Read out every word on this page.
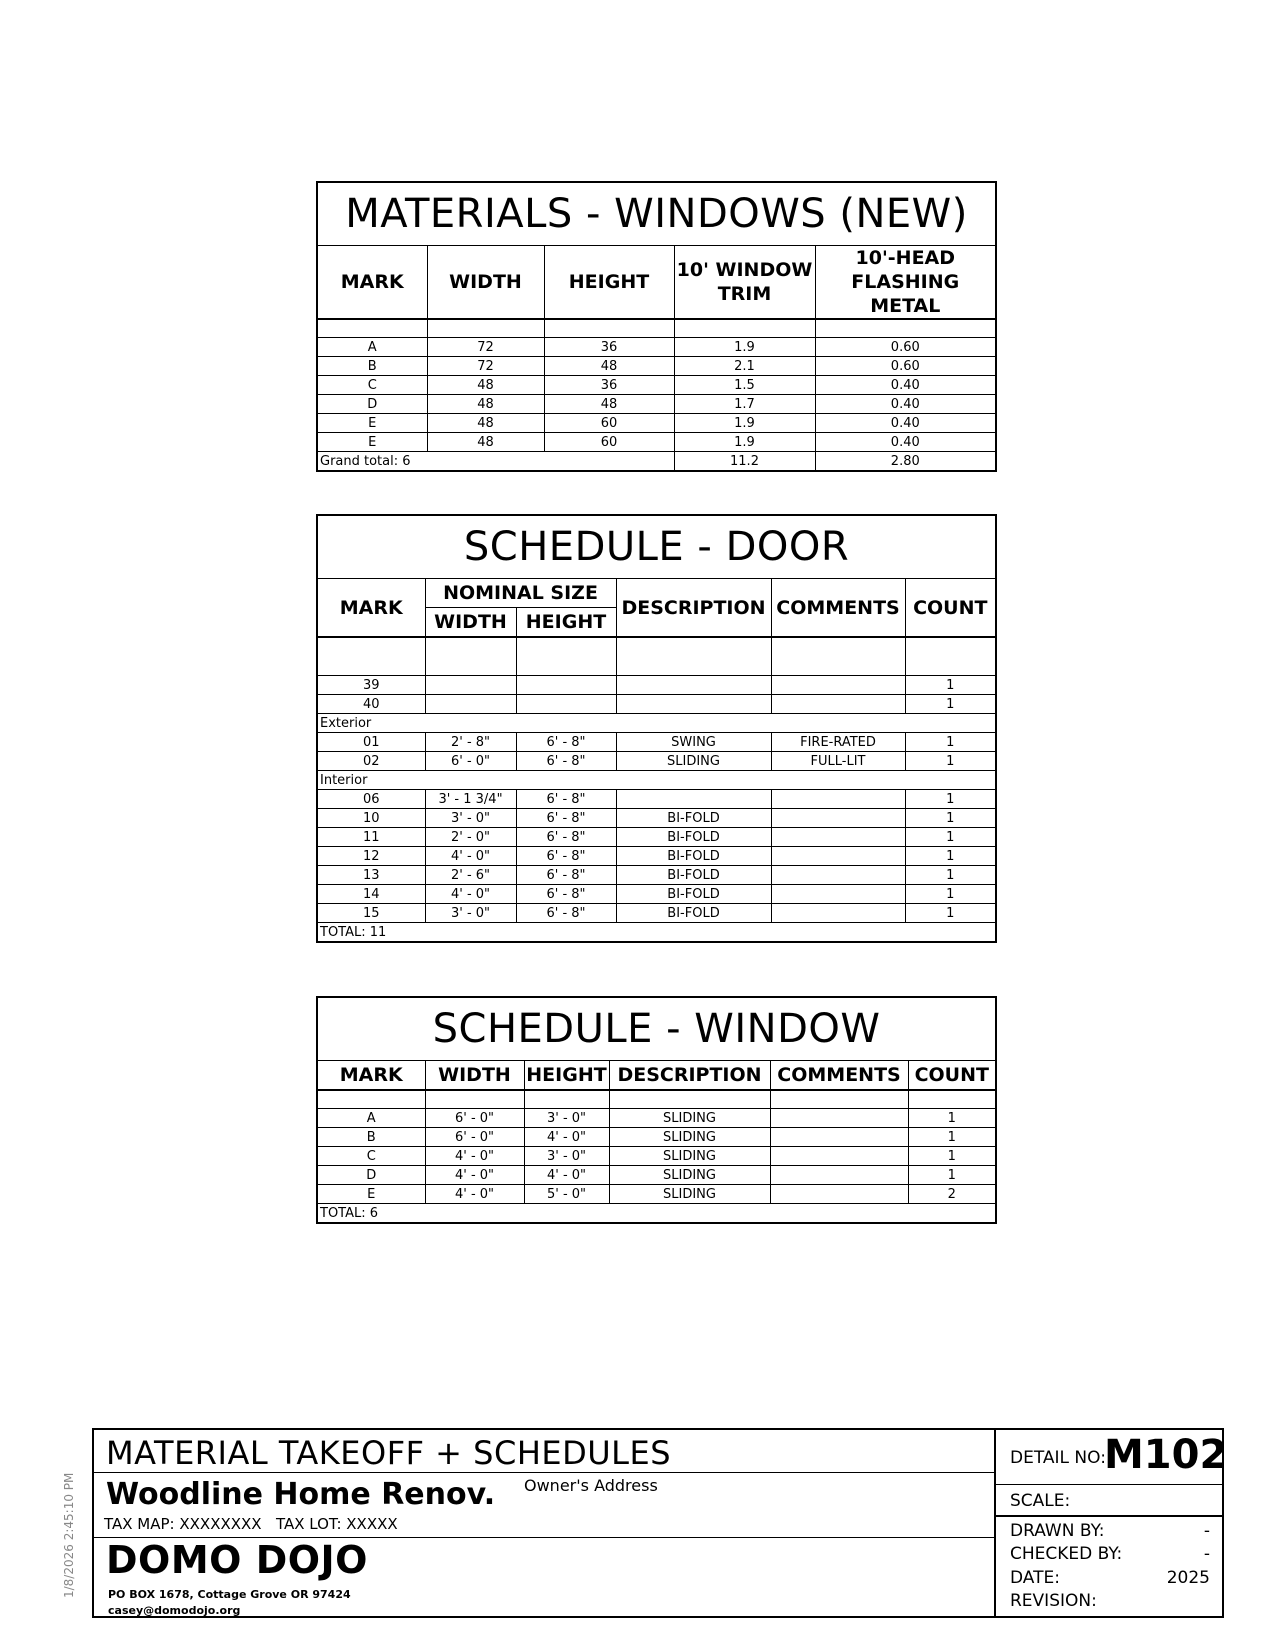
MATERIALS - WINDOWS (NEW)				
MARK	WIDTH	HEIGHT	10' WINDOW TRIM	10'-HEAD FLASHING METAL

A	72	36	1.9	0.60
B	72	48	2.1	0.60
C	48	36	1.5	0.40
D	48	48	1.7	0.40
E	48	60	1.9	0.40
E	48	60	1.9	0.40
Grand total: 6			11.2	2.80
SCHEDULE - DOOR					
MARK	NOMINAL SIZE		DESCRIPTION	COMMENTS	COUNT
	WIDTH	HEIGHT			

39					1
40					1
Exterior					
01	2' - 8"	6' - 8"	SWING	FIRE-RATED	1
02	6' - 0"	6' - 8"	SLIDING	FULL-LIT	1
Interior					
06	3' - 1 3/4"	6' - 8"			1
10	3' - 0"	6' - 8"	BI-FOLD		1
11	2' - 0"	6' - 8"	BI-FOLD		1
12	4' - 0"	6' - 8"	BI-FOLD		1
13	2' - 6"	6' - 8"	BI-FOLD		1
14	4' - 0"	6' - 8"	BI-FOLD		1
15	3' - 0"	6' - 8"	BI-FOLD		1
TOTAL: 11					
SCHEDULE - WINDOW					
MARK	WIDTH	HEIGHT	DESCRIPTION	COMMENTS	COUNT

A	6' - 0"	3' - 0"	SLIDING		1
B	6' - 0"	4' - 0"	SLIDING		1
C	4' - 0"	3' - 0"	SLIDING		1
D	4' - 0"	4' - 0"	SLIDING		1
E	4' - 0"	5' - 0"	SLIDING		2
TOTAL: 6					
MATERIAL TAKEOFF + SCHEDULES
Woodline Home Renov. Owner's Address
TAX MAP: XXXXXXXX TAX LOT: XXXXX
DOMO DOJO
PO BOX 1678, Cottage Grove OR 97424
casey@domodojo.org
DETAIL NO:
M102
SCALE:
DRAWN BY:	-
CHECKED BY:	-
DATE:	2025
REVISION:
1/8/2026 2:45:10 PM
